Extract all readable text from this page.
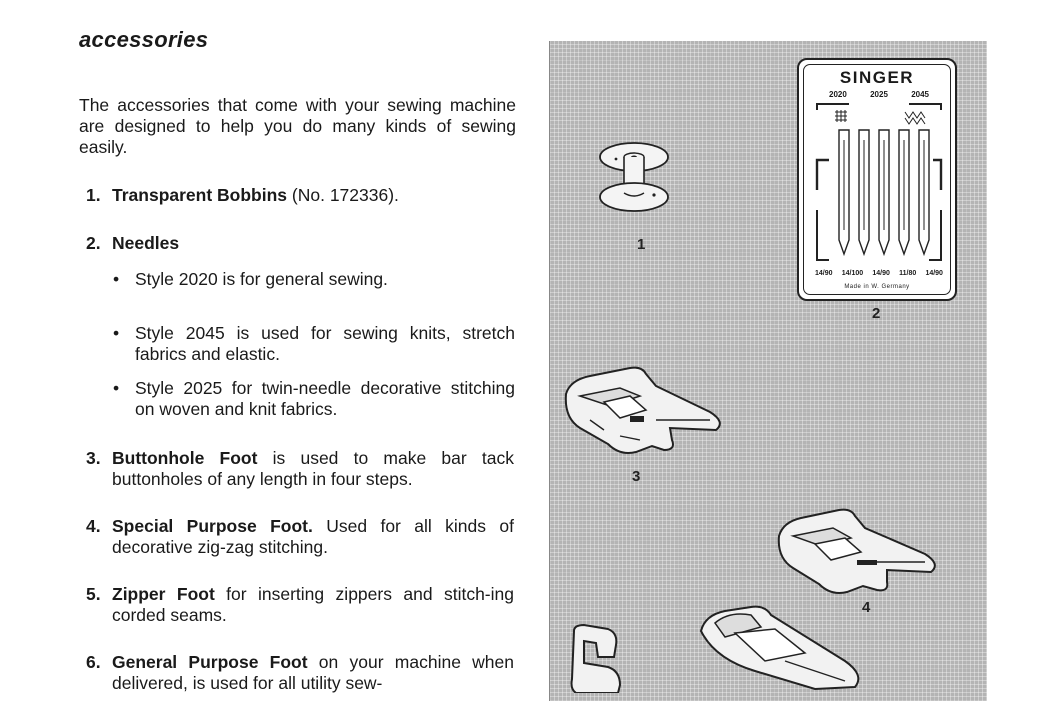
accessories

The accessories that come with your sewing machine are designed to help you do many kinds of sewing easily.

1. Transparent Bobbins (No. 172336).
2. Needles
• Style 2020 is for general sewing.
• Style 2045 is used for sewing knits, stretch fabrics and elastic.
• Style 2025 for twin-needle decorative stitching on woven and knit fabrics.
3. Buttonhole Foot is used to make bar tack buttonholes of any length in four steps.
4. Special Purpose Foot. Used for all kinds of decorative zig-zag stitching.
5. Zipper Foot for inserting zippers and stitch-ing corded seams.
6. General Purpose Foot on your machine when delivered, is used for all utility sew-
1
SINGER
2020	2025	2045
14/90 14/100 14/90 11/80 14/90
Made in W. Germany
2
3
4
